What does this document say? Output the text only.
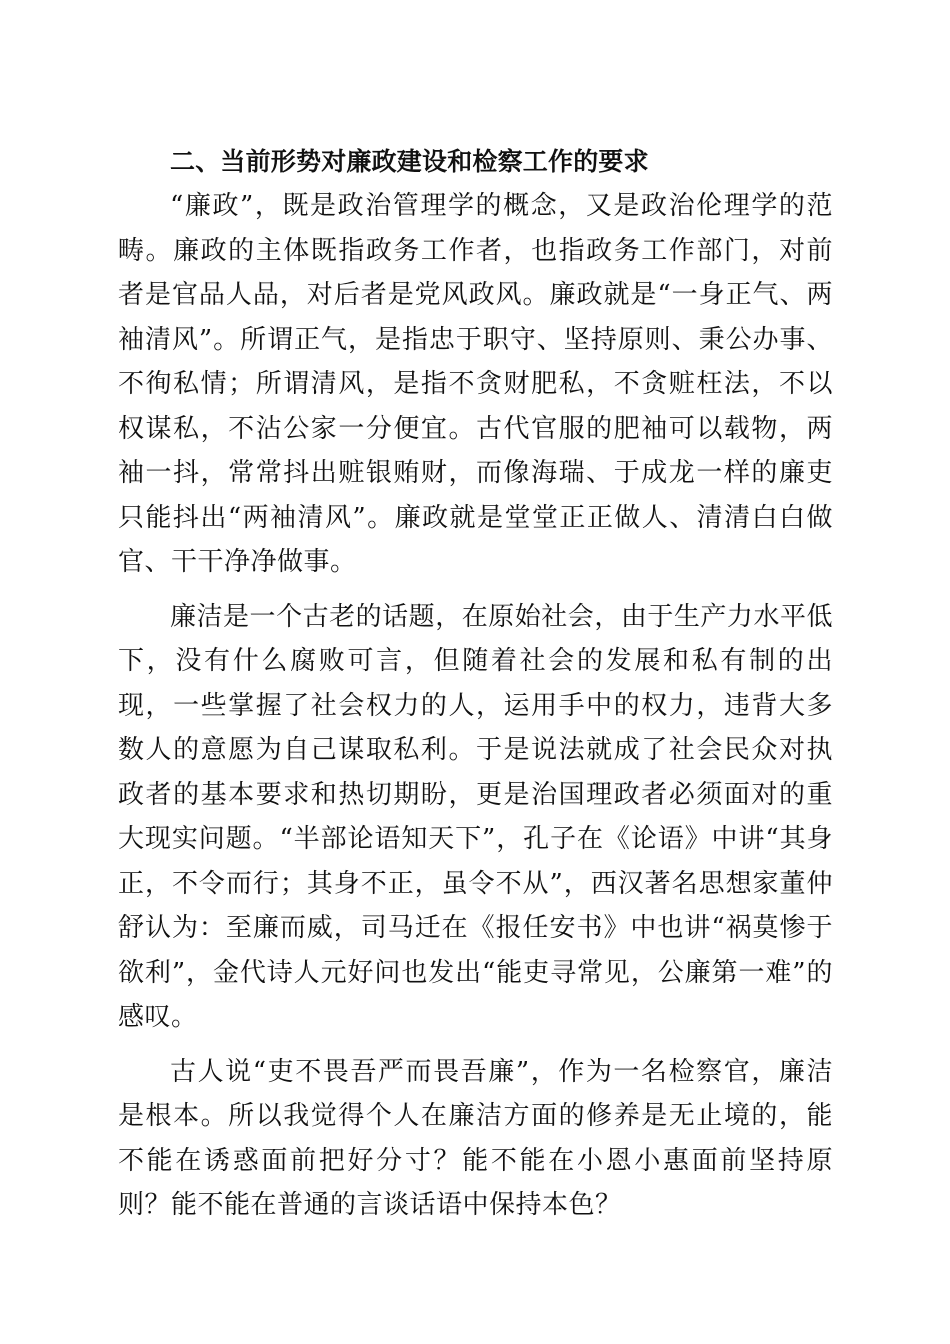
二、当前形势对廉政建设和检察工作的要求

“廉政”，既是政治管理学的概念，又是政治伦理学的范畴。廉政的主体既指政务工作者，也指政务工作部门，对前者是官品人品，对后者是党风政风。廉政就是“一身正气、两袖清风”。所谓正气，是指忠于职守、坚持原则、秉公办事、不徇私情；所谓清风，是指不贪财肥私，不贪赃枉法，不以权谋私，不沾公家一分便宜。古代官服的肥袖可以载物，两袖一抖，常常抖出赃银贿财，而像海瑞、于成龙一样的廉吏只能抖出“两袖清风”。廉政就是堂堂正正做人、清清白白做官、干干净净做事。

廉洁是一个古老的话题，在原始社会，由于生产力水平低下，没有什么腐败可言，但随着社会的发展和私有制的出现，一些掌握了社会权力的人，运用手中的权力，违背大多数人的意愿为自己谋取私利。于是说法就成了社会民众对执政者的基本要求和热切期盼，更是治国理政者必须面对的重大现实问题。“半部论语知天下”，孔子在《论语》中讲“其身正，不令而行；其身不正，虽令不从”，西汉著名思想家董仲舒认为：至廉而威，司马迁在《报任安书》中也讲“祸莫惨于欲利”，金代诗人元好问也发出“能吏寻常见，公廉第一难”的感叹。

古人说“吏不畏吾严而畏吾廉”，作为一名检察官，廉洁是根本。所以我觉得个人在廉洁方面的修养是无止境的，能不能在诱惑面前把好分寸？能不能在小恩小惠面前坚持原则？能不能在普通的言谈话语中保持本色？
